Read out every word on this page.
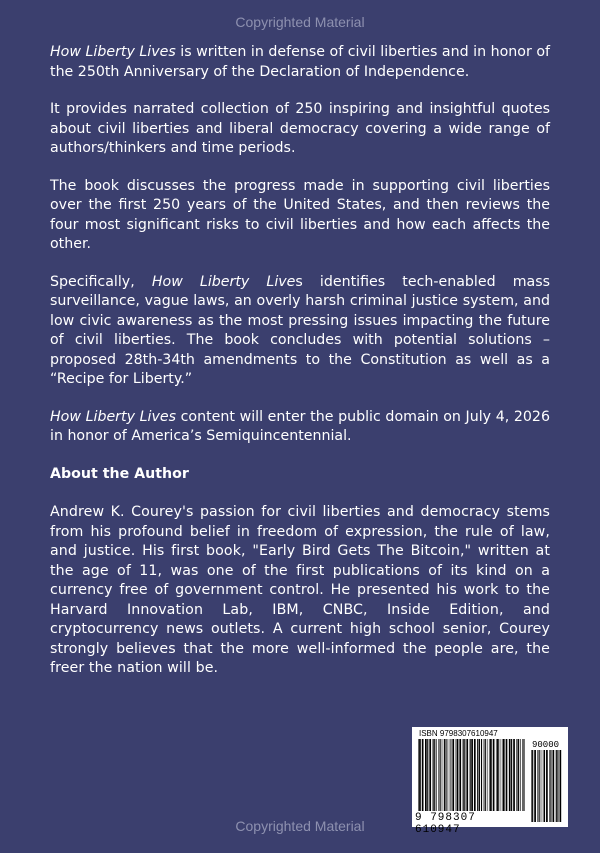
Copyrighted Material

How Liberty Lives is written in defense of civil liberties and in honor of the 250th Anniversary of the Declaration of Independence.

It provides narrated collection of 250 inspiring and insightful quotes about civil liberties and liberal democracy covering a wide range of authors/thinkers and time periods.

The book discusses the progress made in supporting civil liberties over the first 250 years of the United States, and then reviews the four most significant risks to civil liberties and how each affects the other.

Specifically, How Liberty Lives identifies tech-enabled mass surveillance, vague laws, an overly harsh criminal justice system, and low civic awareness as the most pressing issues impacting the future of civil liberties. The book concludes with potential solutions – proposed 28th-34th amendments to the Constitution as well as a “Recipe for Liberty.”

How Liberty Lives content will enter the public domain on July 4, 2026 in honor of America’s Semiquincentennial.

About the Author

Andrew K. Courey's passion for civil liberties and democracy stems from his profound belief in freedom of expression, the rule of law, and justice. His first book, "Early Bird Gets The Bitcoin," written at the age of 11, was one of the first publications of its kind on a currency free of government control. He presented his work to the Harvard Innovation Lab, IBM, CNBC, Inside Edition, and cryptocurrency news outlets. A current high school senior, Courey strongly believes that the more well-informed the people are, the freer the nation will be.

ISBN 9798307610947
90000
9 798307 610947
Copyrighted Material
